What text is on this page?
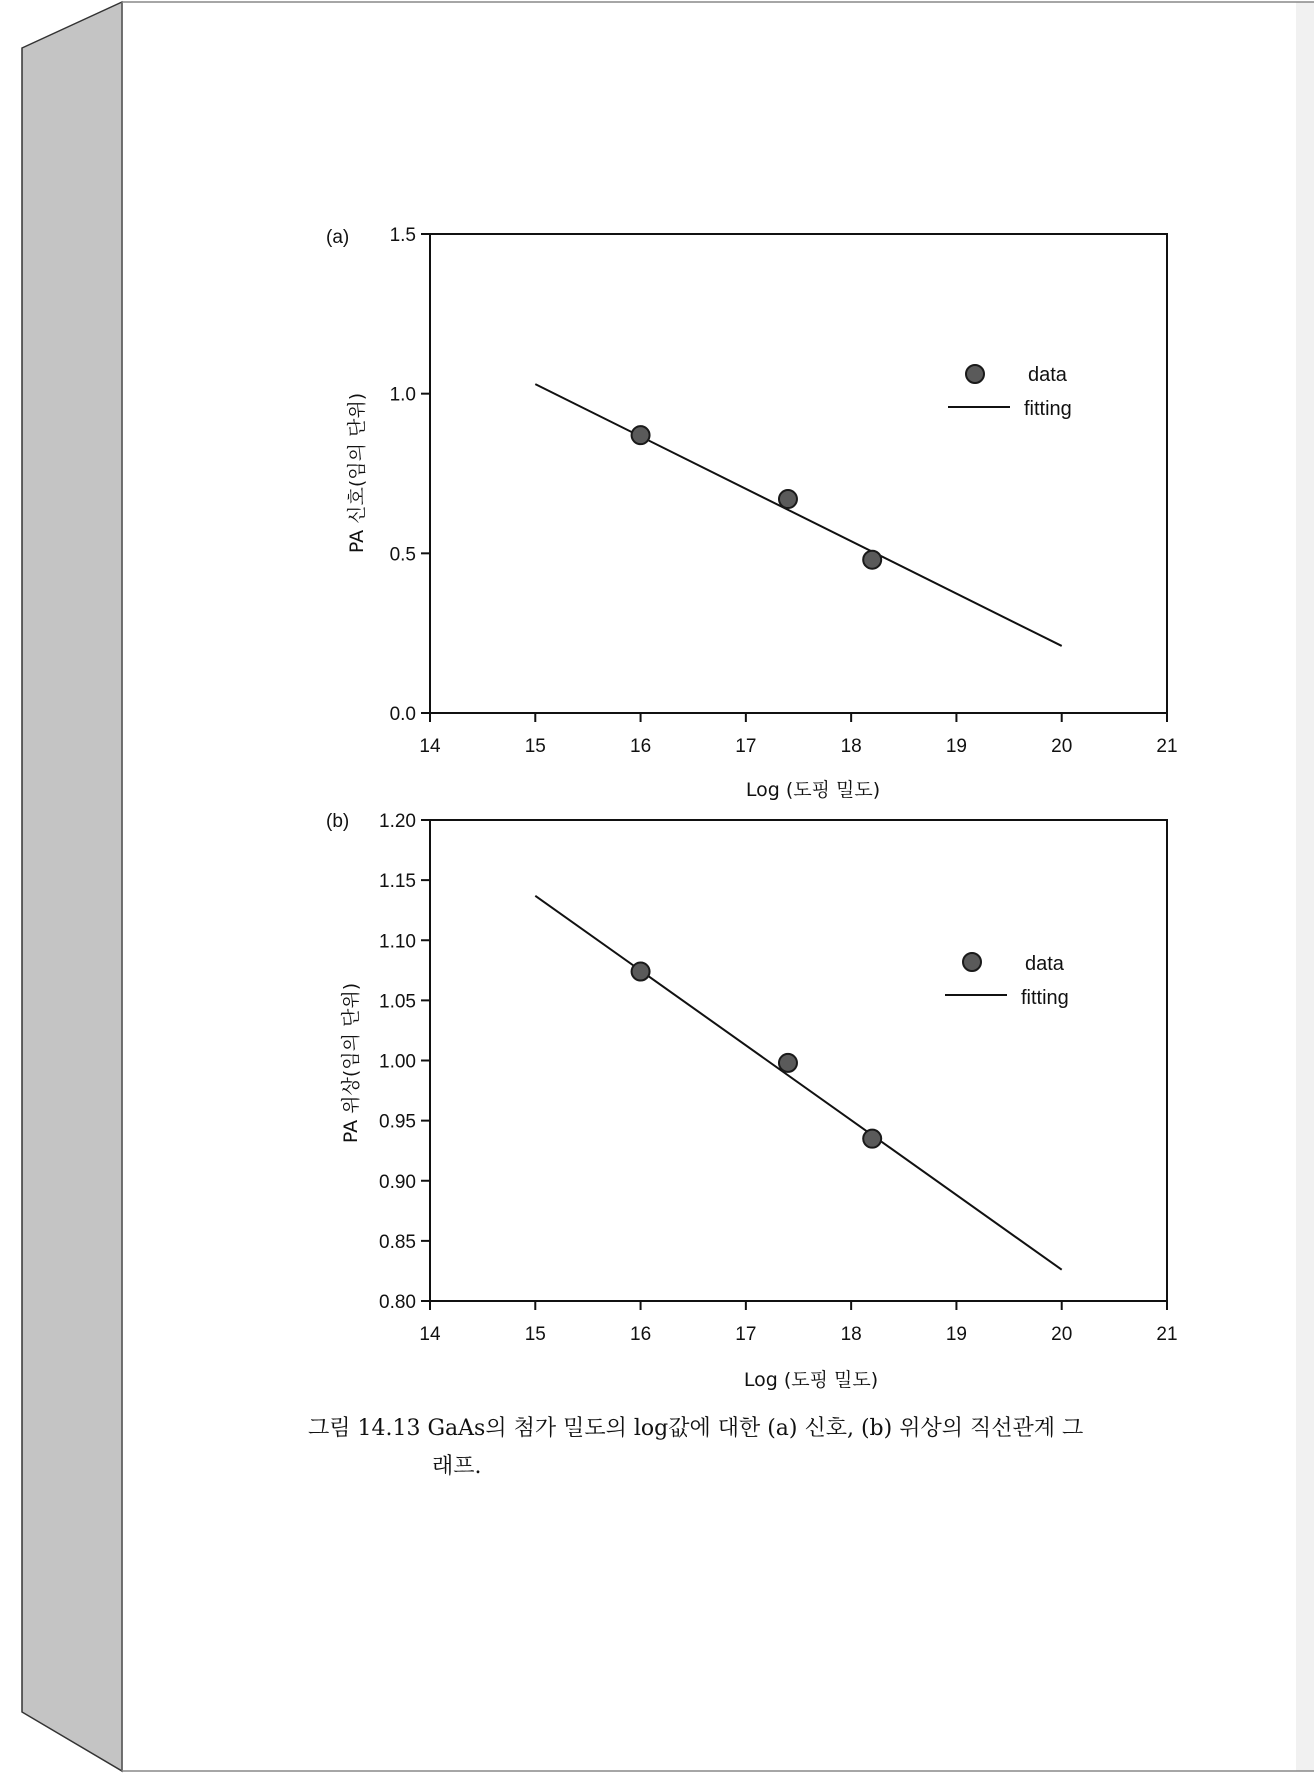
(a)
0.0
0.5
1.0
1.5
14	15	16	17	18	19	20	21
Log (도핑 밀도)
PA 신호(임의 단위)
data
fitting
(b)
0.80
0.85
0.90
0.95
1.00
1.05
1.10
1.15
1.20
14	15	16	17	18	19	20	21
Log (도핑 밀도)
PA 위상(임의 단위)
data
fitting
그림 14.13 GaAs의 첨가 밀도의 log값에 대한 (a) 신호, (b) 위상의 직선관계 그
래프.
